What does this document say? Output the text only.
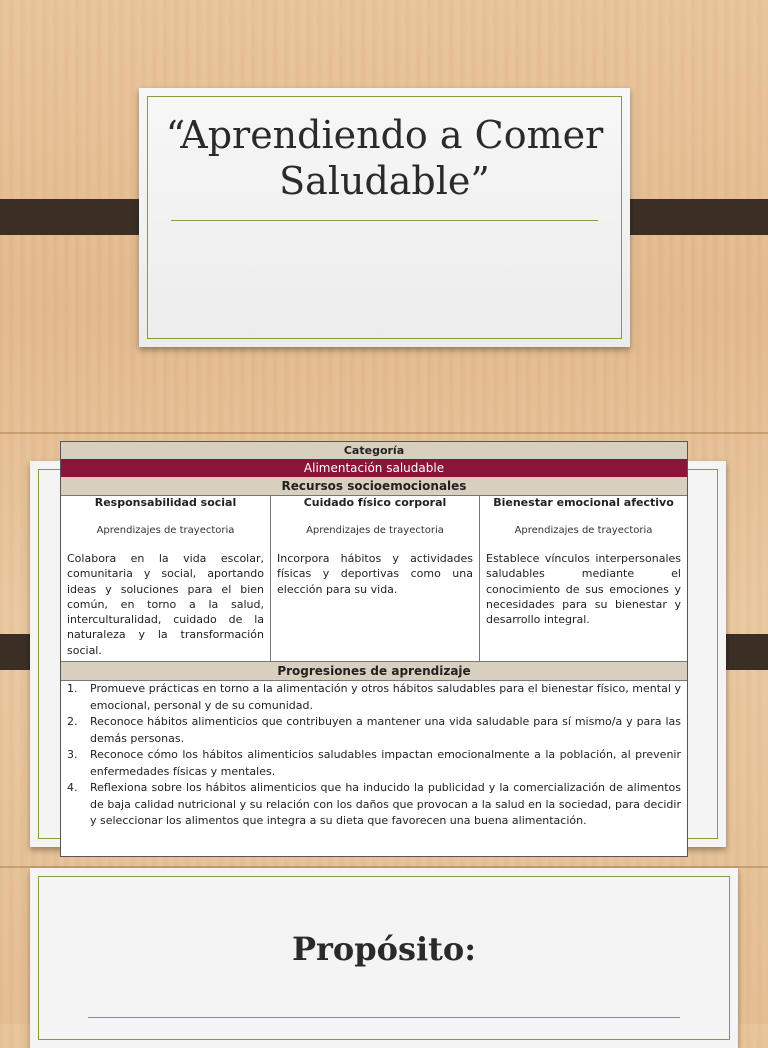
“Aprendiendo a Comer Saludable”
Categoría
Alimentación saludable
Recursos socioemocionales
Responsabilidad social
Aprendizajes de trayectoria
Colabora en la vida escolar, comunitaria y social, aportando ideas y soluciones para el bien común, en torno a la salud, interculturalidad, cuidado de la naturaleza y la transformación social.
Cuidado físico corporal
Aprendizajes de trayectoria
Incorpora hábitos y actividades físicas y deportivas como una elección para su vida.
Bienestar emocional afectivo
Aprendizajes de trayectoria
Establece vínculos interpersonales saludables mediante el conocimiento de sus emociones y necesidades para su bienestar y desarrollo integral.
Progresiones de aprendizaje
1. Promueve prácticas en torno a la alimentación y otros hábitos saludables para el bienestar físico, mental y emocional, personal y de su comunidad.
2. Reconoce hábitos alimenticios que contribuyen a mantener una vida saludable para sí mismo/a y para las demás personas.
3. Reconoce cómo los hábitos alimenticios saludables impactan emocionalmente a la población, al prevenir enfermedades físicas y mentales.
4. Reflexiona sobre los hábitos alimenticios que ha inducido la publicidad y la comercialización de alimentos de baja calidad nutricional y su relación con los daños que provocan a la salud en la sociedad, para decidir y seleccionar los alimentos que integra a su dieta que favorecen una buena alimentación.
Propósito:
